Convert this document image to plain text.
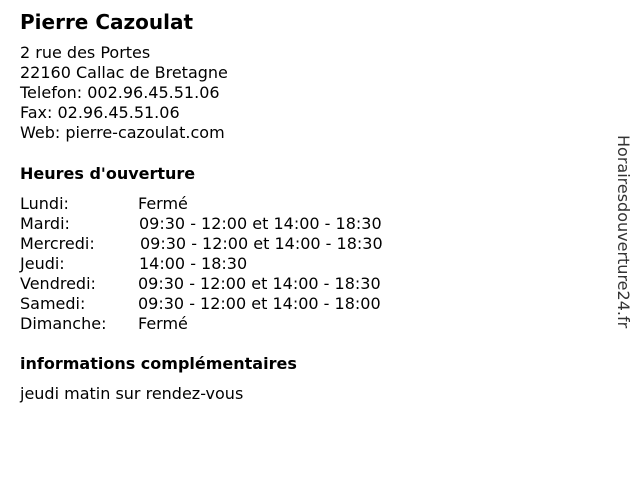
Pierre Cazoulat
2 rue des Portes
22160 Callac de Bretagne
Telefon: 002.96.45.51.06
Fax: 02.96.45.51.06
Web: pierre-cazoulat.com
Heures d'ouverture
Lundi:	Fermé
Mardi:	09:30 - 12:00 et 14:00 - 18:30
Mercredi:	09:30 - 12:00 et 14:00 - 18:30
Jeudi:	14:00 - 18:30
Vendredi:	09:30 - 12:00 et 14:00 - 18:30
Samedi:	09:30 - 12:00 et 14:00 - 18:00
Dimanche: Fermé
informations complémentaires
jeudi matin sur rendez-vous
Horairesdouverture24.fr
